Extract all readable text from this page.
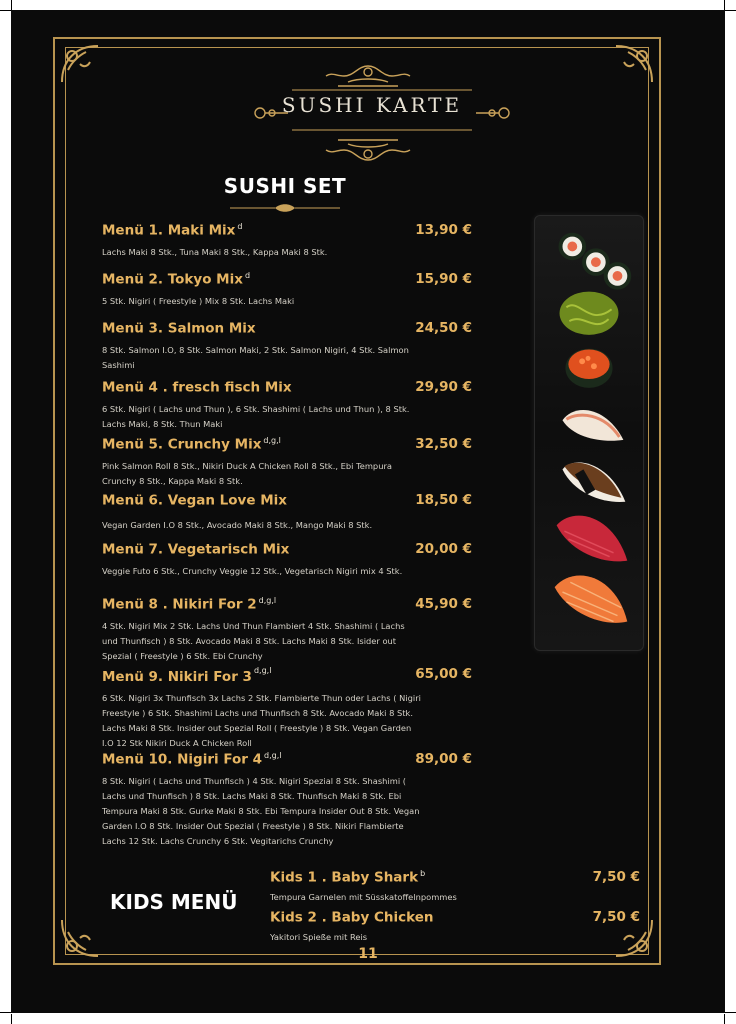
SUSHI KARTE
SUSHI SET
Menü 1. Maki Mix $^d$	13,90 €
Lachs Maki 8 Stk., Tuna Maki 8 Stk., Kappa Maki 8 Stk.
Menü 2. Tokyo Mix $^d$	15,90 €
5 Stk. Nigiri ( Freestyle ) Mix 8 Stk. Lachs Maki
Menü 3. Salmon Mix	24,50 €
8 Stk. Salmon I.O, 8 Stk. Salmon Maki, 2 Stk. Salmon Nigiri, 4 Stk. Salmon Sashimi
Menü 4 . fresch fisch Mix	29,90 €
6 Stk. Nigiri ( Lachs und Thun ), 6 Stk. Shashimi ( Lachs und Thun ), 8 Stk. Lachs Maki, 8 Stk. Thun Maki
Menü 5. Crunchy Mix $^{d,g,l}$	32,50 €
Pink Salmon Roll 8 Stk., Nikiri Duck A Chicken Roll 8 Stk., Ebi Tempura Crunchy 8 Stk., Kappa Maki 8 Stk.
Menü 6. Vegan Love Mix	18,50 €
Vegan Garden I.O 8 Stk., Avocado Maki 8 Stk., Mango Maki 8 Stk.
Menü 7. Vegetarisch Mix	20,00 €
Veggie Futo 6 Stk., Crunchy Veggie 12 Stk., Vegetarisch Nigiri mix 4 Stk.
Menü 8 . Nikiri For 2 $^{d,g,l}$	45,90 €
4 Stk. Nigiri Mix 2 Stk. Lachs Und Thun Flambiert 4 Stk. Shashimi ( Lachs und Thunfisch ) 8 Stk. Avocado Maki 8 Stk. Lachs Maki 8 Stk. Isider out Spezial ( Freestyle ) 6 Stk. Ebi Crunchy
Menü 9. Nikiri For 3 $^{d,g,l}$	65,00 €
6 Stk. Nigiri 3x Thunfisch 3x Lachs 2 Stk. Flambierte Thun oder Lachs ( Nigiri Freestyle ) 6 Stk. Shashimi Lachs und Thunfisch 8 Stk. Avocado Maki 8 Stk. Lachs Maki 8 Stk. Insider out Spezial Roll ( Freestyle ) 8 Stk. Vegan Garden I.O 12 Stk Nikiri Duck A Chicken Roll
Menü 10. Nigiri For 4 $^{d,g,l}$	89,00 €
8 Stk. Nigiri ( Lachs und Thunfisch ) 4 Stk. Nigiri Spezial 8 Stk. Shashimi ( Lachs und Thunfisch ) 8 Stk. Lachs Maki 8 Stk. Thunfisch Maki 8 Stk. Ebi Tempura Maki 8 Stk. Gurke Maki 8 Stk. Ebi Tempura Insider Out 8 Stk. Vegan Garden I.O 8 Stk. Insider Out Spezial ( Freestyle ) 8 Stk. Nikiri Flambierte Lachs 12 Stk. Lachs Crunchy 6 Stk. Vegitarichs Crunchy
KIDS MENÜ
Kids 1 . Baby Shark $^b$	7,50 €
Tempura Garnelen mit Süsskatoffelnpommes
Kids 2 . Baby Chicken	7,50 €
Yakitori Spieße mit Reis
11
